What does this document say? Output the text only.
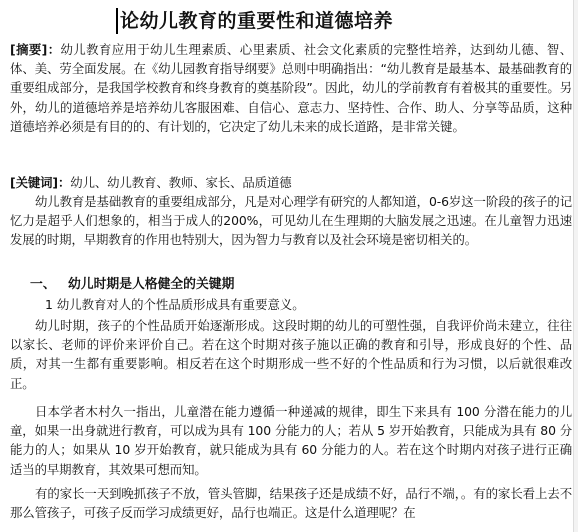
论幼儿教育的重要性和道德培养
[摘要]：幼儿教育应用于幼儿生理素质、心里素质、社会文化素质的完整性培养，达到幼儿德、智、体、美、劳全面发展。在《幼儿园教育指导纲要》总则中明确指出：“幼儿教育是最基本、最基础教育的重要组成部分，是我国学校教育和终身教育的奠基阶段”。因此，幼儿的学前教育有着极其的重要性。另外，幼儿的道德培养是培养幼儿客服困难、自信心、意志力、坚持性、合作、助人、分享等品质，这种道德培养必须是有目的的、有计划的，它决定了幼儿未来的成长道路，是非常关键。
[关键词]：幼儿、幼儿教育、教师、家长、品质道德
幼儿教育是基础教育的重要组成部分，凡是对心理学有研究的人都知道，0-6岁这一阶段的孩子的记忆力是超乎人们想象的，相当于成人的200%，可见幼儿在生理期的大脑发展之迅速。在儿童智力迅速发展的时期，早期教育的作用也特别大，因为智力与教育以及社会环境是密切相关的。
一、 幼儿时期是人格健全的关键期
1 幼儿教育对人的个性品质形成具有重要意义。
幼儿时期，孩子的个性品质开始逐渐形成。这段时期的幼儿的可塑性强，自我评价尚未建立，往往以家长、老师的评价来评价自己。若在这个时期对孩子施以正确的教育和引导，形成良好的个性、品质，对其一生都有重要影响。相反若在这个时期形成一些不好的个性品质和行为习惯，以后就很难改正。
日本学者木村久一指出，儿童潜在能力遵循一种递减的规律，即生下来具有 100 分潜在能力的儿童，如果一出身就进行教育，可以成为具有 100 分能力的人；若从 5 岁开始教育，只能成为具有 80 分能力的人；如果从 10 岁开始教育，就只能成为具有 60 分能力的人。若在这个时期内对孩子进行正确适当的早期教育，其效果可想而知。
有的家长一天到晚抓孩子不放，管头管脚，结果孩子还是成绩不好，品行不端，。有的家长看上去不那么管孩子，可孩子反而学习成绩更好，品行也端正。这是什么道理呢？在
